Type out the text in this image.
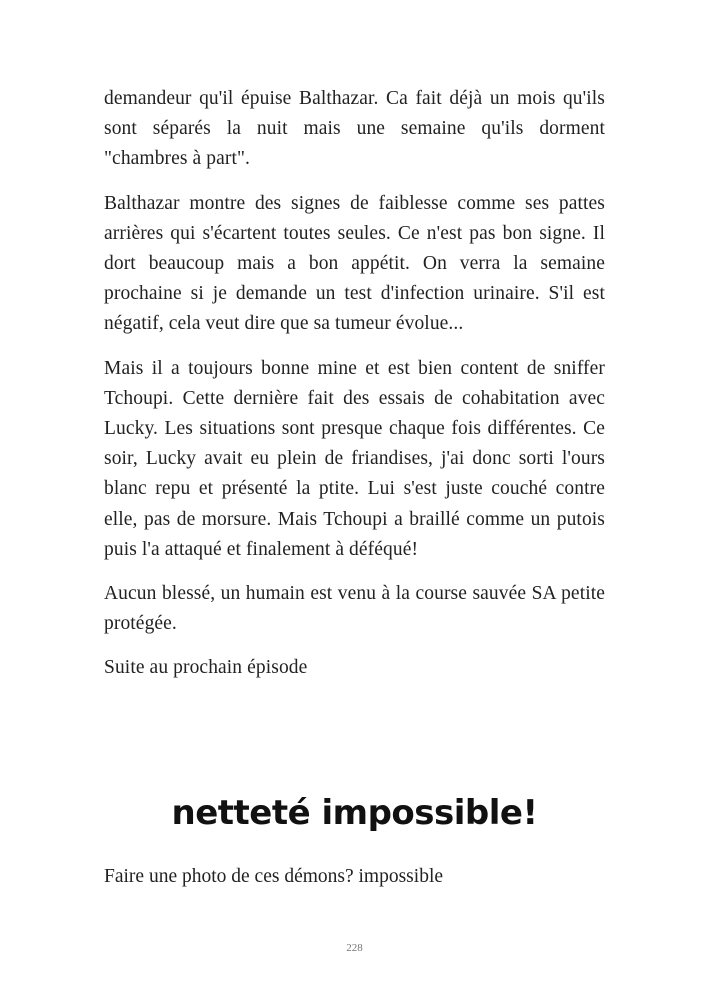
demandeur qu'il épuise Balthazar. Ca fait déjà un mois qu'ils sont séparés la nuit mais une semaine qu'ils dorment "chambres à part".

Balthazar montre des signes de faiblesse comme ses pattes arrières qui s'écartent toutes seules. Ce n'est pas bon signe. Il dort beaucoup mais a bon appétit. On verra la semaine prochaine si je demande un test d'infection urinaire. S'il est négatif, cela veut dire que sa tumeur évolue...

Mais il a toujours bonne mine et est bien content de sniffer Tchoupi. Cette dernière fait des essais de cohabitation avec Lucky. Les situations sont presque chaque fois différentes. Ce soir, Lucky avait eu plein de friandises, j'ai donc sorti l'ours blanc repu et présenté la ptite. Lui s'est juste couché contre elle, pas de morsure. Mais Tchoupi a braillé comme un putois puis l'a attaqué et finalement à déféqué!

Aucun blessé, un humain est venu à la course sauvée SA petite protégée.

Suite au prochain épisode

netteté impossible!

Faire une photo de ces démons? impossible

228
